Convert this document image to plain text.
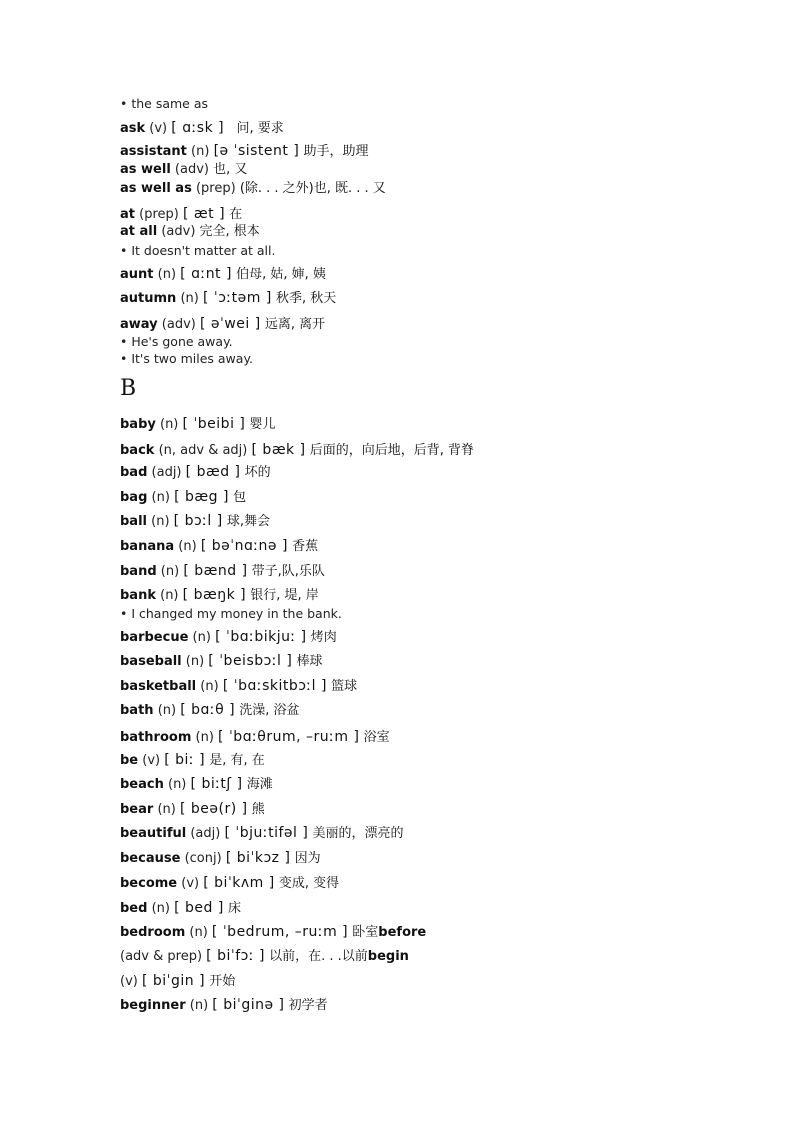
• the same as
ask (v) [ ɑːsk ] 问, 要求
assistant (n) [ə ˈsistent ] 助手，助理
as well (adv) 也, 又
as well as (prep) (除. . . 之外)也, 既. . . 又
at (prep) [ æt ] 在
at all (adv) 完全, 根本
• It doesn't matter at all.
aunt (n) [ ɑːnt ] 伯母, 姑, 婶, 姨
autumn (n) [ ˈɔːtəm ] 秋季, 秋天
away (adv) [ əˈwei ] 远离, 离开
• He's gone away.
• It's two miles away.
B
baby (n) [ ˈbeibi ] 婴儿
back (n, adv & adj) [ bæk ] 后面的，向后地，后背, 背脊
bad (adj) [ bæd ] 坏的
bag (n) [ bæg ] 包
ball (n) [ bɔːl ] 球,舞会
banana (n) [ bəˈnɑːnə ] 香蕉
band (n) [ bænd ] 带子,队,乐队
bank (n) [ bæŋk ] 银行, 堤, 岸
• I changed my money in the bank.
barbecue (n) [ ˈbɑːbikjuː ] 烤肉
baseball (n) [ ˈbeisbɔːl ] 棒球
basketball (n) [ ˈbɑːskitbɔːl ] 篮球
bath (n) [ bɑːθ ] 洗澡, 浴盆
bathroom (n) [ ˈbɑːθrum, –ruːm ] 浴室
be (v) [ biː ] 是, 有, 在
beach (n) [ biːtʃ ] 海滩
bear (n) [ beə(r) ] 熊
beautiful (adj) [ ˈbjuːtifəl ] 美丽的，漂亮的
because (conj) [ biˈkɔz ] 因为
become (v) [ biˈkʌm ] 变成, 变得
bed (n) [ bed ] 床
bedroom (n) [ ˈbedrum, –ruːm ] 卧室before
(adv & prep) [ biˈfɔː ] 以前，在. . .以前begin
(v) [ biˈgin ] 开始
beginner (n) [ biˈginə ] 初学者
